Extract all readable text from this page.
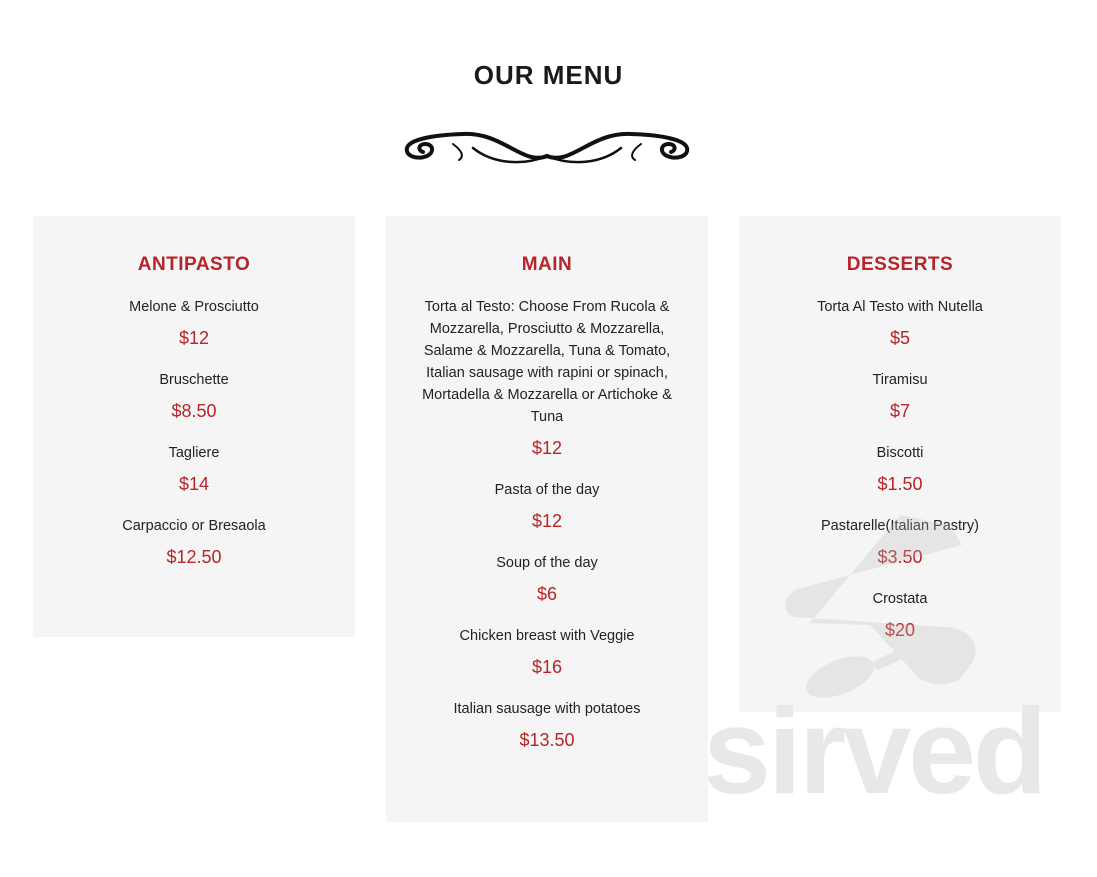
OUR MENU
ANTIPASTO
Melone & Prosciutto
$12
Bruschette
$8.50
Tagliere
$14
Carpaccio or Bresaola
$12.50
MAIN
Torta al Testo: Choose From Rucola & Mozzarella, Prosciutto & Mozzarella, Salame & Mozzarella, Tuna & Tomato, Italian sausage with rapini or spinach, Mortadella & Mozzarella or Artichoke & Tuna
$12
Pasta of the day
$12
Soup of the day
$6
Chicken breast with Veggie
$16
Italian sausage with potatoes
$13.50
DESSERTS
Torta Al Testo with Nutella
$5
Tiramisu
$7
Biscotti
$1.50
Pastarelle(Italian Pastry)
$3.50
Crostata
$20
sirved
